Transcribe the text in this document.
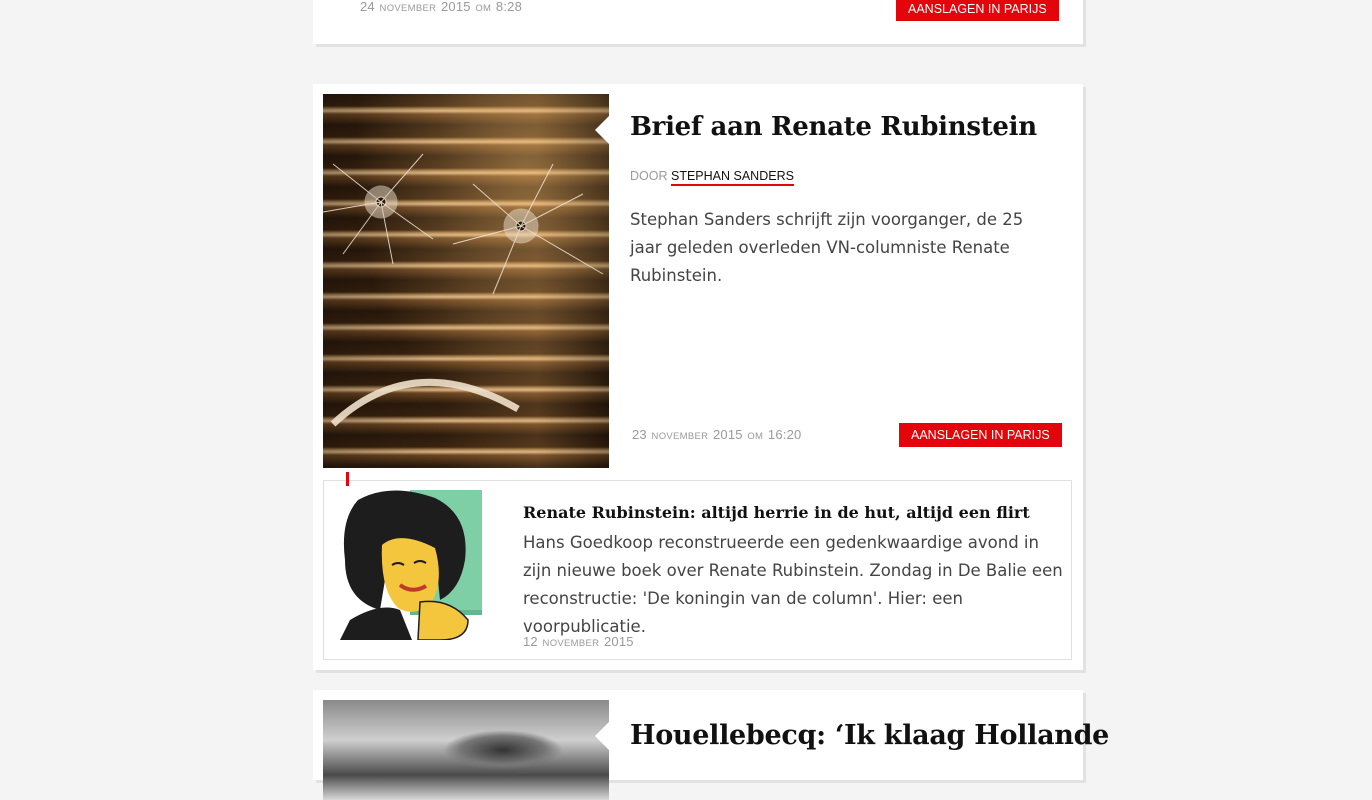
24 NOVEMBER 2015 OM 8:28	AANSLAGEN IN PARIJS
Brief aan Renate Rubinstein
DOOR STEPHAN SANDERS

Stephan Sanders schrijft zijn voorganger, de 25 jaar geleden overleden VN-columniste Renate Rubinstein.

23 NOVEMBER 2015 OM 16:20	AANSLAGEN IN PARIJS
Renate Rubinstein: altijd herrie in de hut, altijd een flirt

Hans Goedkoop reconstrueerde een gedenkwaardige avond in zijn nieuwe boek over Renate Rubinstein. Zondag in De Balie een reconstructie: 'De koningin van de column'. Hier: een voorpublicatie.

12 NOVEMBER 2015
Houellebecq: ‘Ik klaag Hollande
